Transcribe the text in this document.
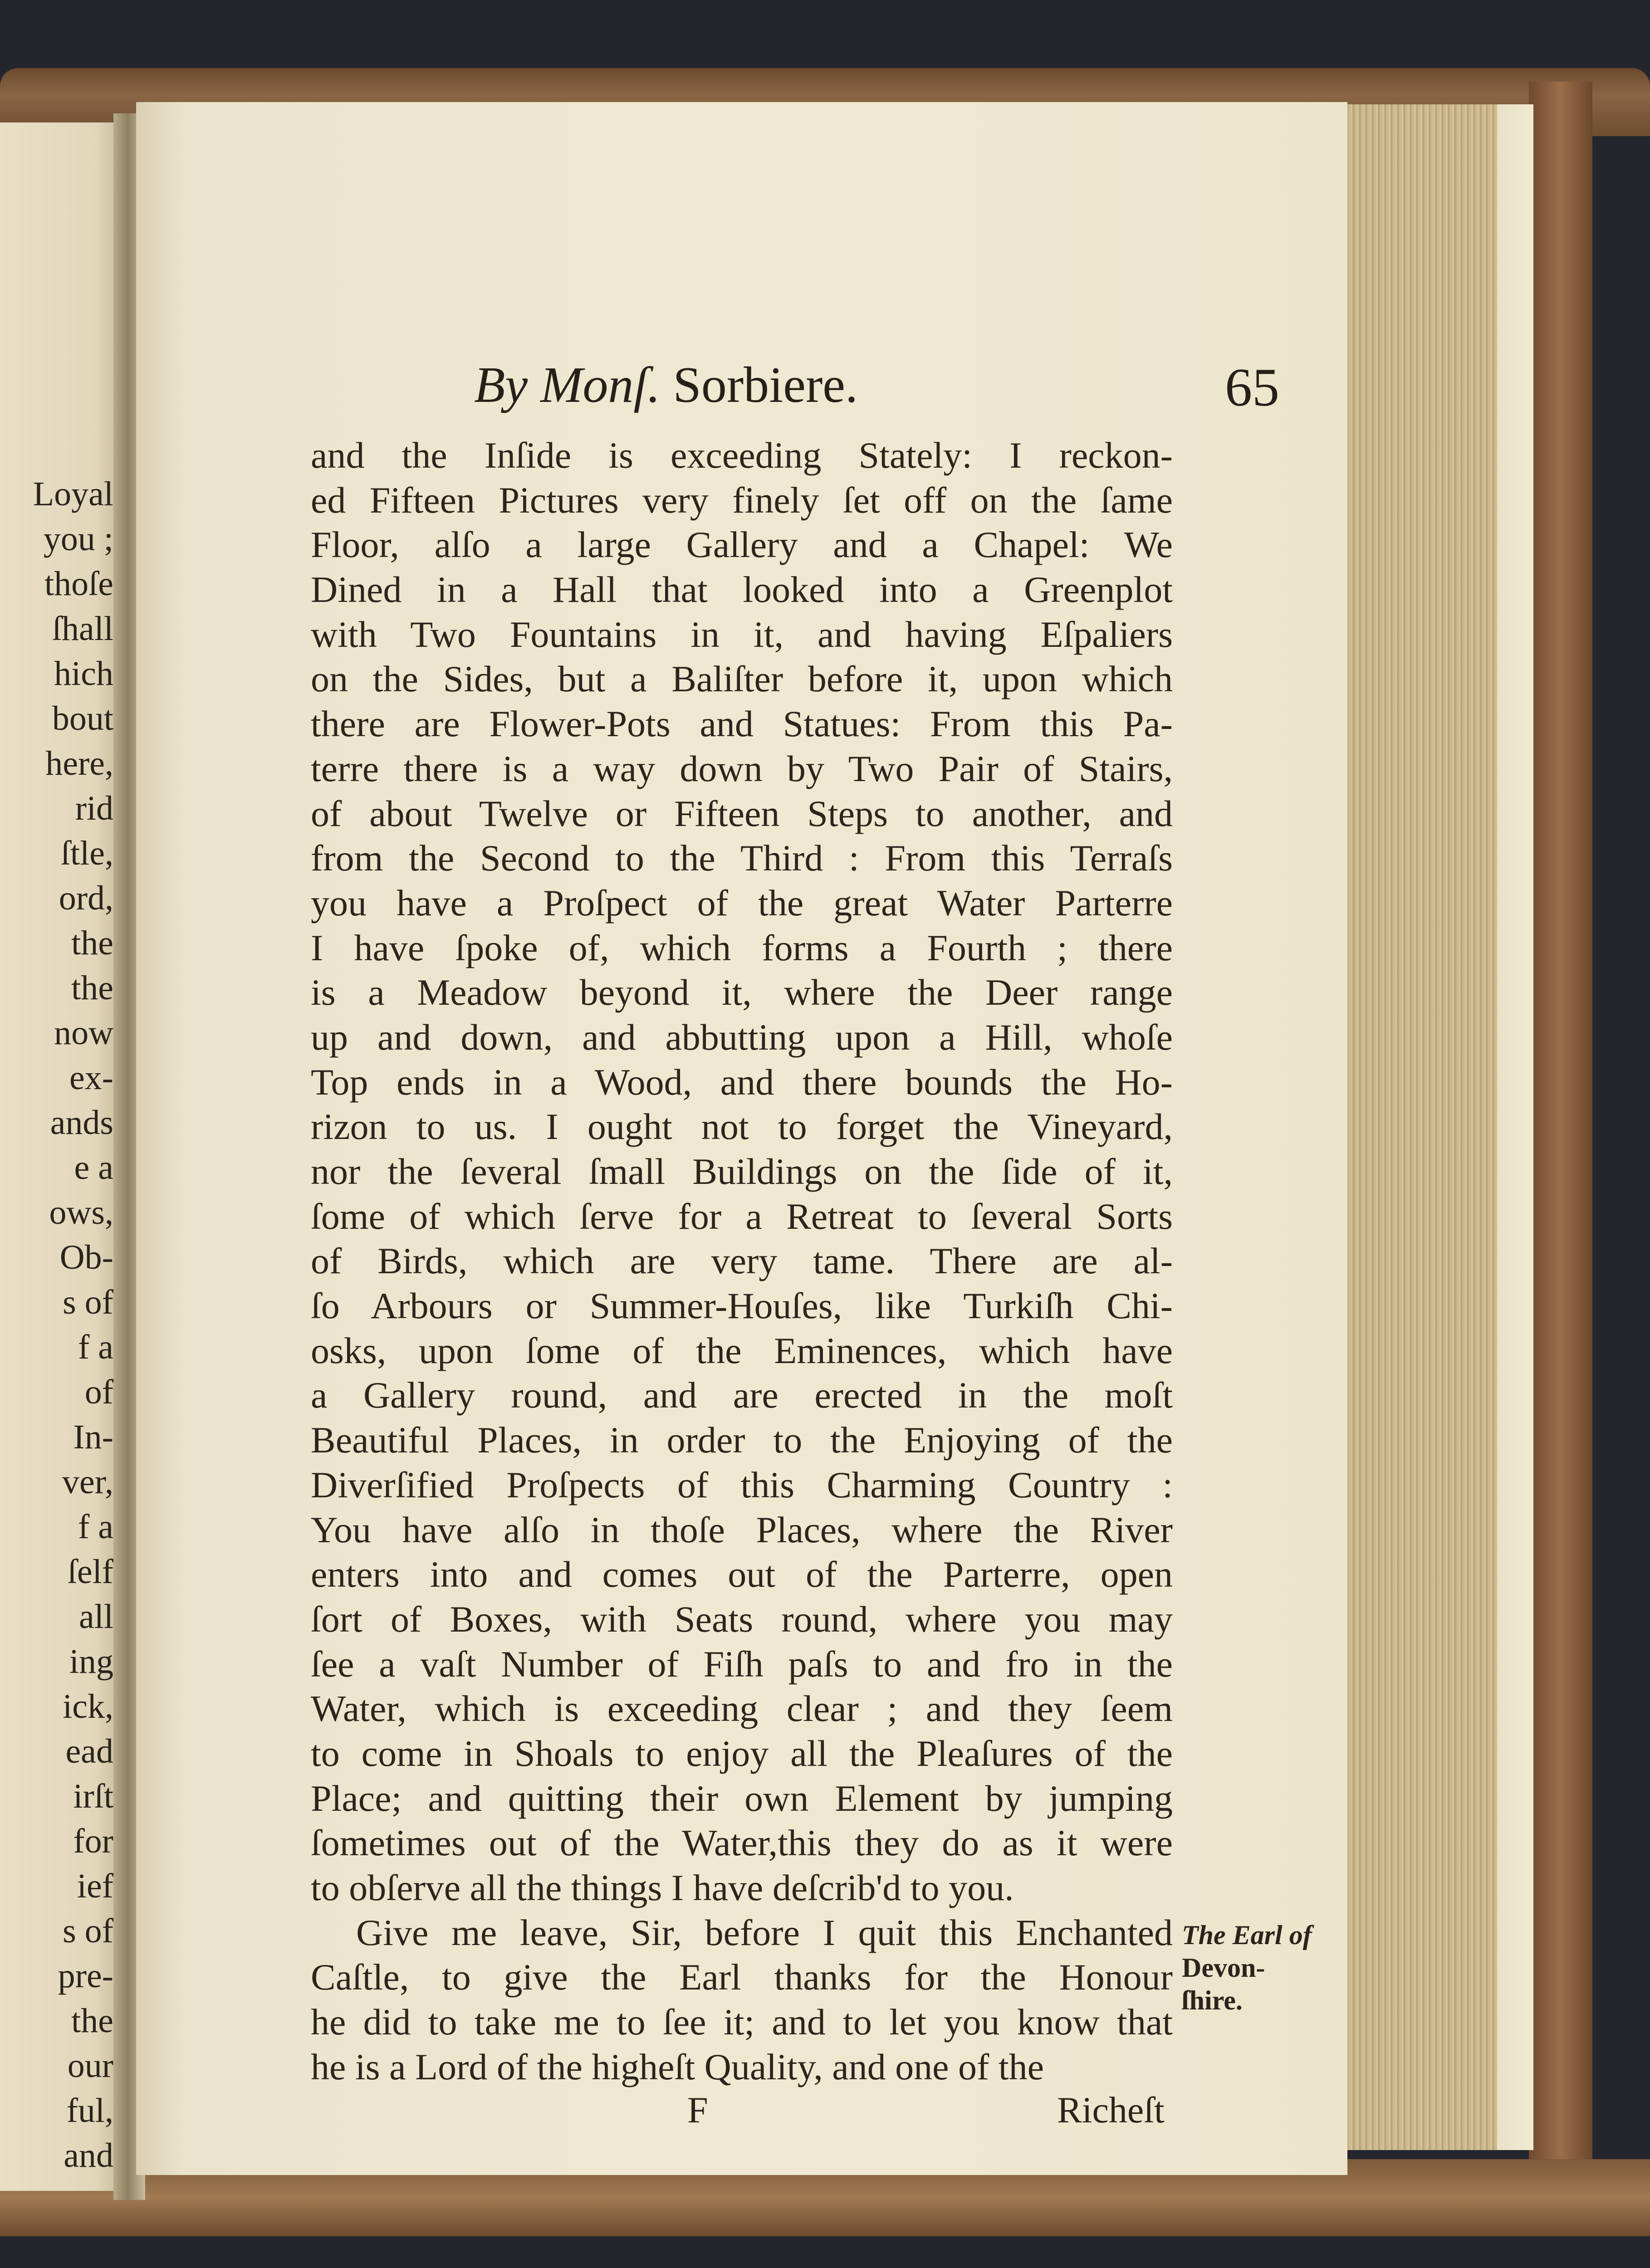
Loyal
you ;
thoſe
ſhall
hich
bout
here,
rid
ſtle,
ord,
the
the
now
ex-
ands
e a
ows,
Ob-
s of
f a
of
In-
ver,
f a
ſelf
all
ing
ick,
ead
irſt
for
ief
s of
pre-
the
our
ful,
and
By Monſ. Sorbiere.	65
and the Inſide is exceeding Stately: I reckon-
ed Fifteen Pictures very finely ſet off on the ſame
Floor, alſo a large Gallery and a Chapel: We
Dined in a Hall that looked into a Greenplot
with Two Fountains in it, and having Eſpaliers
on the Sides, but a Baliſter before it, upon which
there are Flower-Pots and Statues: From this Pa-
terre there is a way down by Two Pair of Stairs,
of about Twelve or Fifteen Steps to another, and
from the Second to the Third : From this Terraſs
you have a Proſpect of the great Water Parterre
I have ſpoke of, which forms a Fourth ; there
is a Meadow beyond it, where the Deer range
up and down, and abbutting upon a Hill, whoſe
Top ends in a Wood, and there bounds the Ho-
rizon to us. I ought not to forget the Vineyard,
nor the ſeveral ſmall Buildings on the ſide of it,
ſome of which ſerve for a Retreat to ſeveral Sorts
of Birds, which are very tame. There are al-
ſo Arbours or Summer-Houſes, like Turkiſh Chi-
osks, upon ſome of the Eminences, which have
a Gallery round, and are erected in the moſt
Beautiful Places, in order to the Enjoying of the
Diverſified Proſpects of this Charming Country :
You have alſo in thoſe Places, where the River
enters into and comes out of the Parterre, open
ſort of Boxes, with Seats round, where you may
ſee a vaſt Number of Fiſh paſs to and fro in the
Water, which is exceeding clear ; and they ſeem
to come in Shoals to enjoy all the Pleaſures of the
Place; and quitting their own Element by jumping
ſometimes out of the Water,this they do as it were
to obſerve all the things I have deſcrib'd to you.
Give me leave, Sir, before I quit this Enchanted
Caſtle, to give the Earl thanks for the Honour
he did to take me to ſee it; and to let you know that
he is a Lord of the higheſt Quality, and one of the
The Earl of
Devon-
ſhire.
F	Richeſt
